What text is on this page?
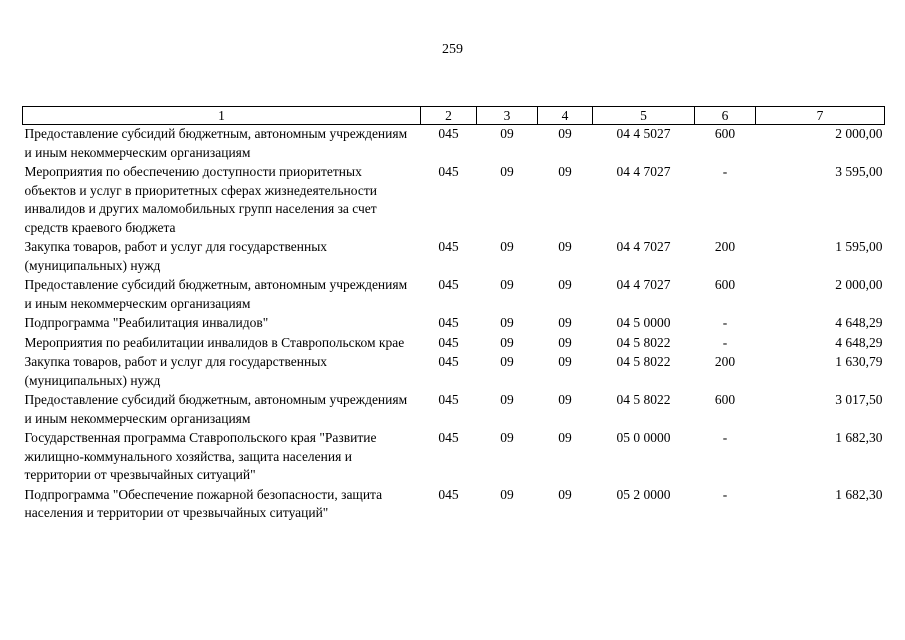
259
1	2	3	4	5	6	7
Предоставление субсидий бюджетным, автономным учреждениям и иным некоммерческим организациям	045	09	09	04 4 5027	600	2 000,00
Мероприятия по обеспечению доступности приоритетных объектов и услуг в приоритетных сферах жизнедеятельности инвалидов и других маломобильных групп населения за счет средств краевого бюджета	045	09	09	04 4 7027	-	3 595,00
Закупка товаров, работ и услуг для государственных (муниципальных) нужд	045	09	09	04 4 7027	200	1 595,00
Предоставление субсидий бюджетным, автономным учреждениям и иным некоммерческим организациям	045	09	09	04 4 7027	600	2 000,00
Подпрограмма "Реабилитация инвалидов"	045	09	09	04 5 0000	-	4 648,29
Мероприятия по реабилитации инвалидов в Ставропольском крае	045	09	09	04 5 8022	-	4 648,29
Закупка товаров, работ и услуг для государственных (муниципальных) нужд	045	09	09	04 5 8022	200	1 630,79
Предоставление субсидий бюджетным, автономным учреждениям и иным некоммерческим организациям	045	09	09	04 5 8022	600	3 017,50
Государственная программа Ставропольского края "Развитие жилищно-коммунального хозяйства, защита населения и территории от чрезвычайных ситуаций"	045	09	09	05 0 0000	-	1 682,30
Подпрограмма "Обеспечение пожарной безопасности, защита населения и территории от чрезвычайных ситуаций"	045	09	09	05 2 0000	-	1 682,30
